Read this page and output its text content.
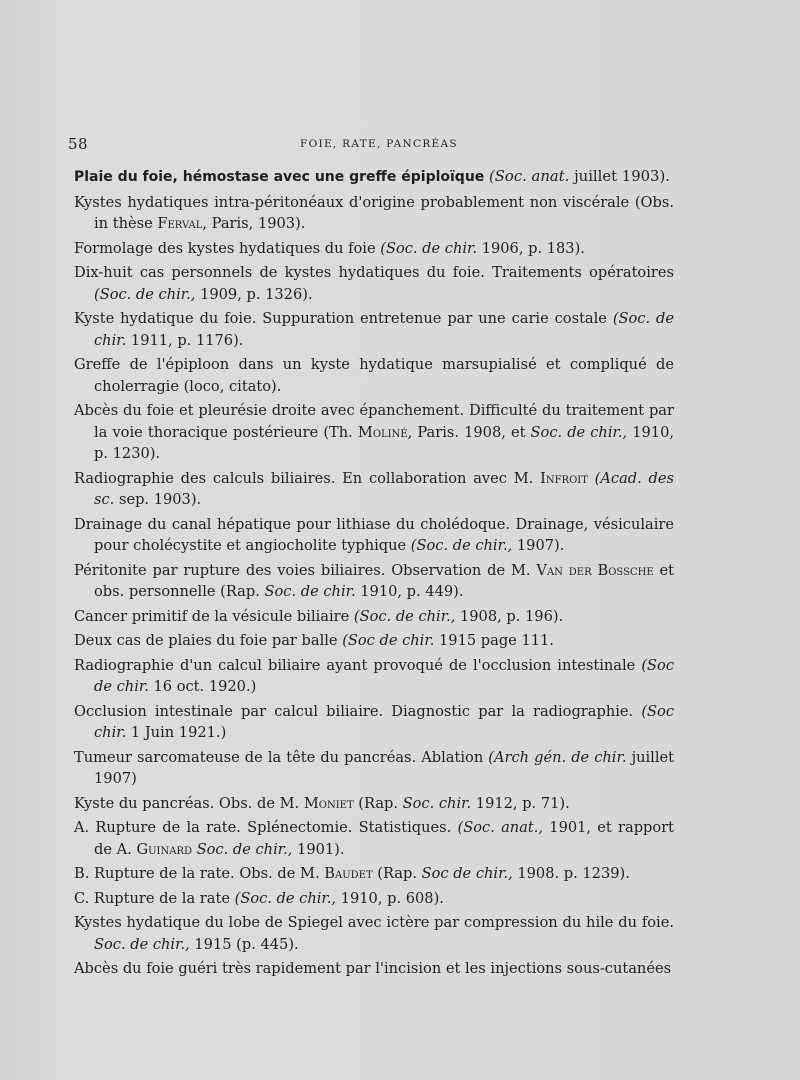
58	FOIE, RATE, PANCRÉAS
Plaie du foie, hémostase avec une greffe épiploïque (Soc. anat. juillet 1903).
Kystes hydatiques intra-péritonéaux d'origine probablement non viscérale (Obs. in thèse Ferval, Paris, 1903).
Formolage des kystes hydatiques du foie (Soc. de chir. 1906, p. 183).
Dix-huit cas personnels de kystes hydatiques du foie. Traitements opératoires (Soc. de chir., 1909, p. 1326).
Kyste hydatique du foie. Suppuration entretenue par une carie costale (Soc. de chir. 1911, p. 1176).
Greffe de l'épiploon dans un kyste hydatique marsupialisé et compliqué de cholerragie (loco, citato).
Abcès du foie et pleurésie droite avec épanchement. Difficulté du traitement par la voie thoracique postérieure (Th. Moliné, Paris. 1908, et Soc. de chir., 1910, p. 1230).
Radiographie des calculs biliaires. En collaboration avec M. Infroit (Acad. des sc. sep. 1903).
Drainage du canal hépatique pour lithiase du cholédoque. Drainage, vésiculaire pour cholécystite et angiocholite typhique (Soc. de chir., 1907).
Péritonite par rupture des voies biliaires. Observation de M. Van der Bossche et obs. personnelle (Rap. Soc. de chir. 1910, p. 449).
Cancer primitif de la vésicule biliaire (Soc. de chir., 1908, p. 196).
Deux cas de plaies du foie par balle (Soc de chir. 1915 page 111.
Radiographie d'un calcul biliaire ayant provoqué de l'occlusion intestinale (Soc de chir. 16 oct. 1920.)
Occlusion intestinale par calcul biliaire. Diagnostic par la radiographie. (Soc chir. 1 Juin 1921.)
Tumeur sarcomateuse de la tête du pancréas. Ablation (Arch gén. de chir. juillet 1907)
Kyste du pancréas. Obs. de M. Moniet (Rap. Soc. chir. 1912, p. 71).
A. Rupture de la rate. Splénectomie. Statistiques. (Soc. anat., 1901, et rapport de A. Guinard Soc. de chir., 1901).
B. Rupture de la rate. Obs. de M. Baudet (Rap. Soc de chir., 1908. p. 1239).
C. Rupture de la rate (Soc. de chir., 1910, p. 608).
Kystes hydatique du lobe de Spiegel avec ictère par compression du hile du foie. Soc. de chir., 1915 (p. 445).
Abcès du foie guéri très rapidement par l'incision et les injections sous-cutanées
